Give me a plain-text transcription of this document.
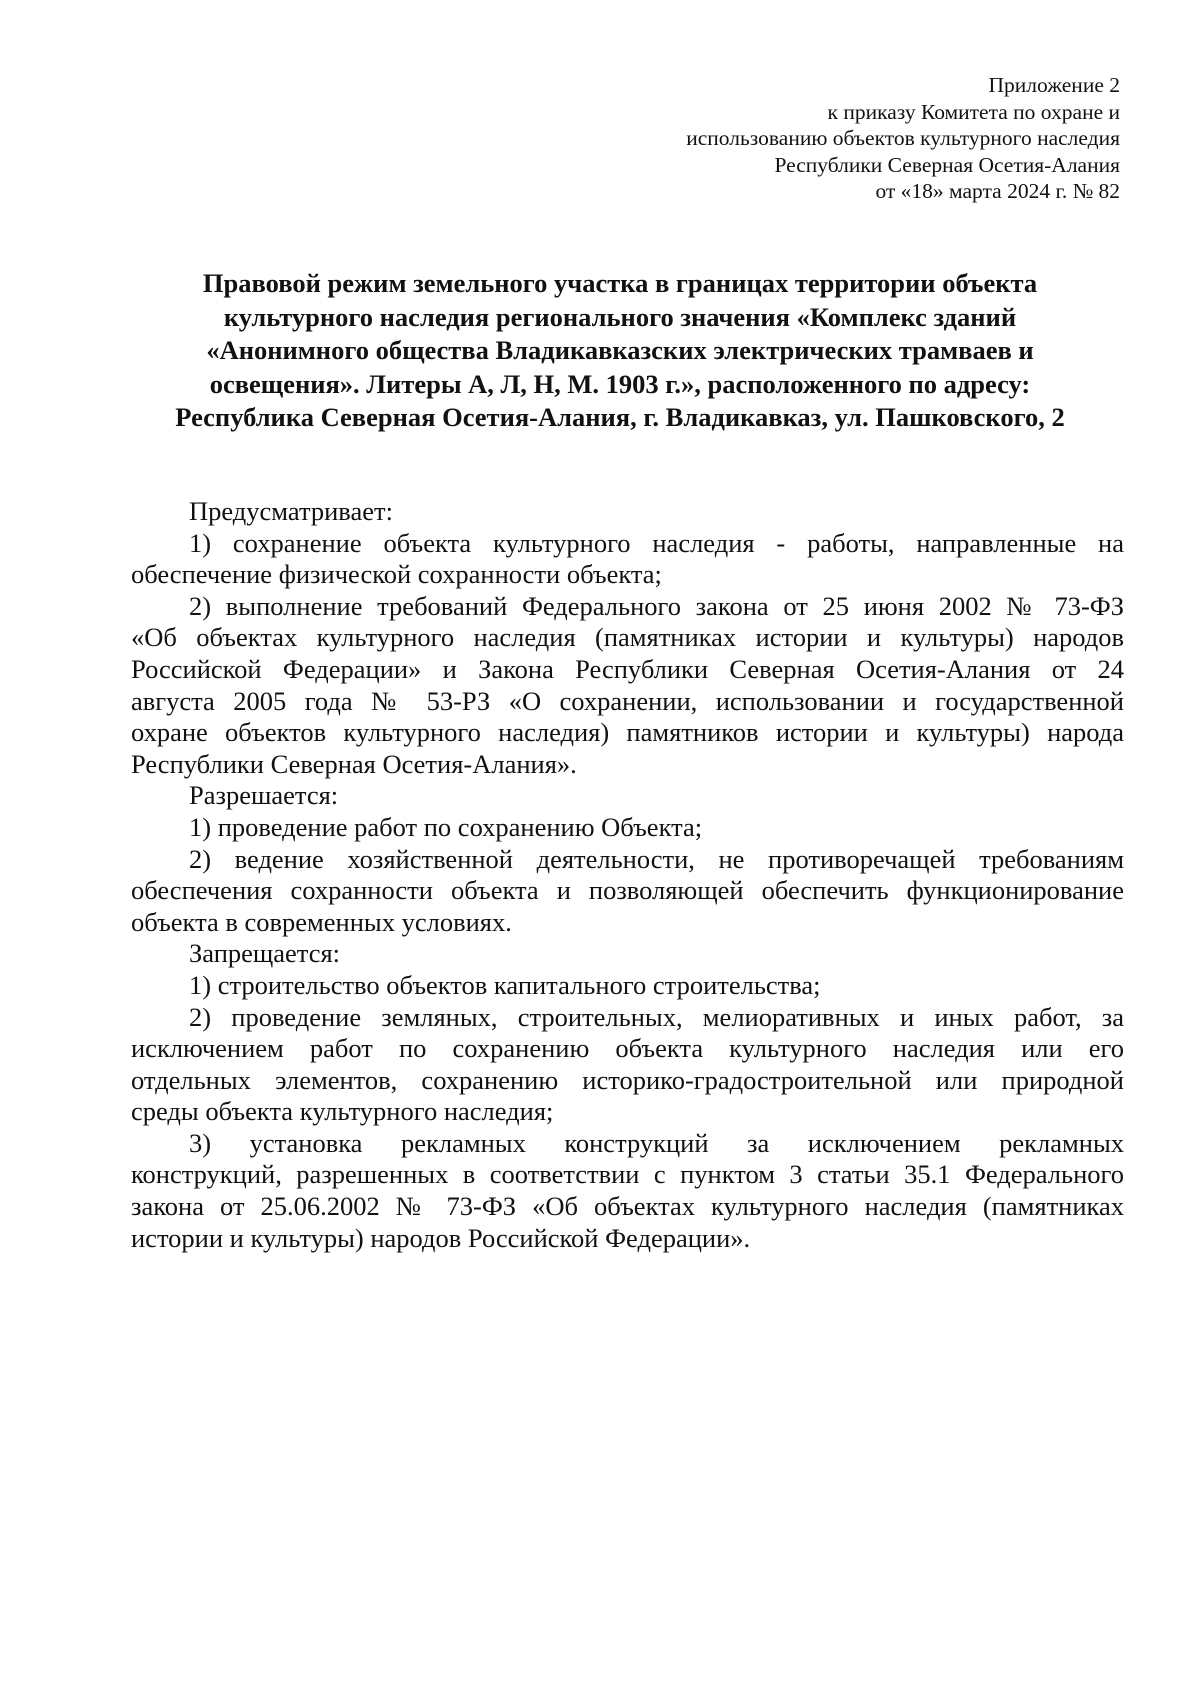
Приложение 2
к приказу Комитета по охране и
использованию объектов культурного наследия
Республики Северная Осетия-Алания
от «18» марта 2024 г. № 82
Правовой режим земельного участка в границах территории объекта
культурного наследия регионального значения «Комплекс зданий
«Анонимного общества Владикавказских электрических трамваев и
освещения». Литеры А, Л, Н, М. 1903 г.», расположенного по адресу:
Республика Северная Осетия-Алания, г. Владикавказ, ул. Пашковского, 2
Предусматривает:
1) сохранение объекта культурного наследия - работы, направленные на
обеспечение физической сохранности объекта;
2) выполнение требований Федерального закона от 25 июня 2002 № 73-ФЗ
«Об объектах культурного наследия (памятниках истории и культуры) народов
Российской Федерации» и Закона Республики Северная Осетия-Алания от 24
августа 2005 года № 53-РЗ «О сохранении, использовании и государственной
охране объектов культурного наследия) памятников истории и культуры) народа
Республики Северная Осетия-Алания».
Разрешается:
1) проведение работ по сохранению Объекта;
2) ведение хозяйственной деятельности, не противоречащей требованиям
обеспечения сохранности объекта и позволяющей обеспечить функционирование
объекта в современных условиях.
Запрещается:
1) строительство объектов капитального строительства;
2) проведение земляных, строительных, мелиоративных и иных работ, за
исключением работ по сохранению объекта культурного наследия или его
отдельных элементов, сохранению историко-градостроительной или природной
среды объекта культурного наследия;
3) установка рекламных конструкций за исключением рекламных
конструкций, разрешенных в соответствии с пунктом 3 статьи 35.1 Федерального
закона от 25.06.2002 № 73-ФЗ «Об объектах культурного наследия (памятниках
истории и культуры) народов Российской Федерации».
